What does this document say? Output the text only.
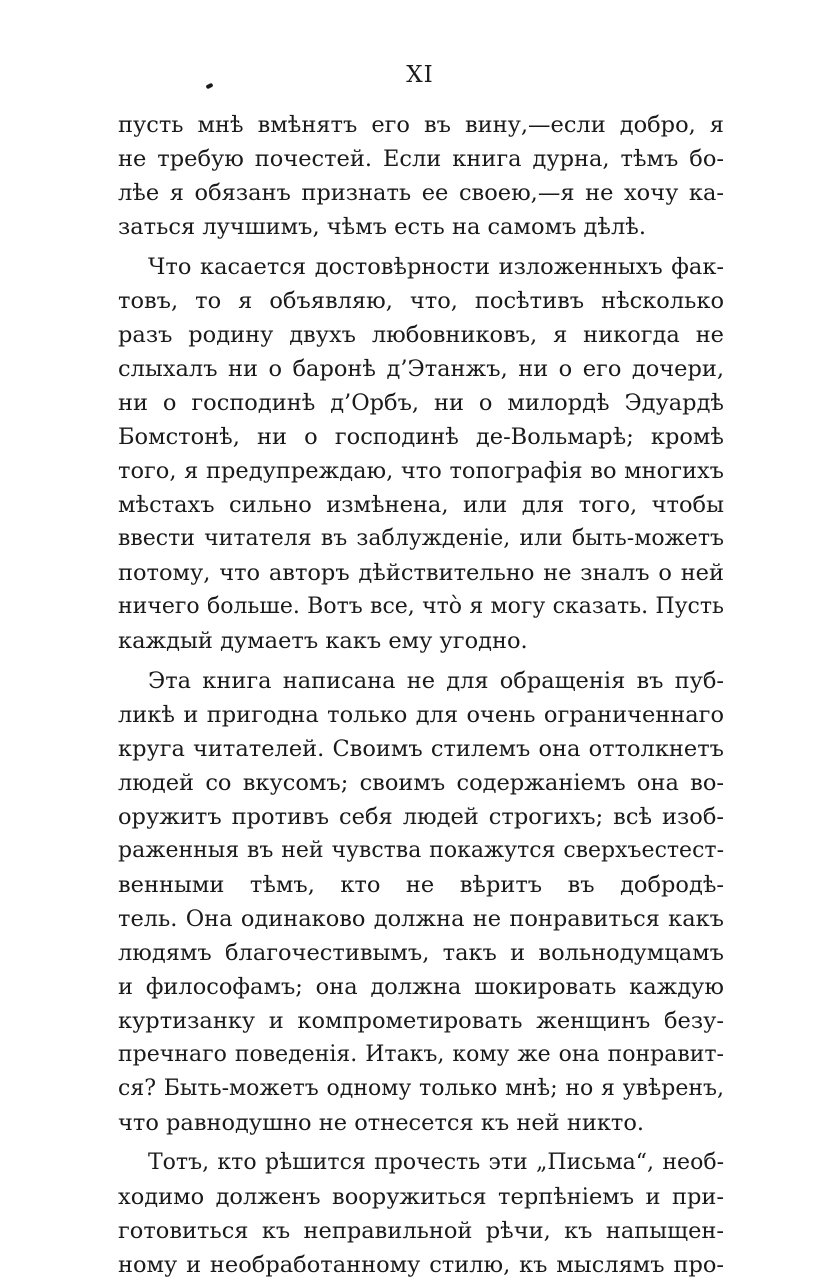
XI
пусть мнѣ вмѣнятъ его въ вину,—если добро, я
не требую почестей. Если книга дурна, тѣмъ бо-
лѣе я обязанъ признать ее своею,—я не хочу ка-
заться лучшимъ, чѣмъ есть на самомъ дѣлѣ.
Что касается достовѣрности изложенныхъ фак-
товъ, то я объявляю, что, посѣтивъ нѣсколько
разъ родину двухъ любовниковъ, я никогда не
слыхалъ ни о баронѣ д’Этанжъ, ни о его дочери,
ни о господинѣ д’Орбъ, ни о милордѣ Эдуардѣ
Бомстонѣ, ни о господинѣ де-Вольмарѣ; кромѣ
того, я предупреждаю, что топографія во многихъ
мѣстахъ сильно измѣнена, или для того, чтобы
ввести читателя въ заблужденіе, или быть-можетъ
потому, что авторъ дѣйствительно не зналъ о ней
ничего больше. Вотъ все, что̀ я могу сказать. Пусть
каждый думаетъ какъ ему угодно.
Эта книга написана не для обращенія въ пуб-
ликѣ и пригодна только для очень ограниченнаго
круга читателей. Своимъ стилемъ она оттолкнетъ
людей со вкусомъ; своимъ содержаніемъ она во-
оружитъ противъ себя людей строгихъ; всѣ изоб-
раженныя въ ней чувства покажутся сверхъестест-
венными тѣмъ, кто не вѣритъ въ добродѣ-
тель. Она одинаково должна не понравиться какъ
людямъ благочестивымъ, такъ и вольнодумцамъ
и философамъ; она должна шокировать каждую
куртизанку и компрометировать женщинъ безу-
пречнаго поведенія. Итакъ, кому же она понравит-
ся? Быть-можетъ одному только мнѣ; но я увѣренъ,
что равнодушно не отнесется къ ней никто.
Тотъ, кто рѣшится прочесть эти „Письма“, необ-
ходимо долженъ вооружиться терпѣніемъ и при-
готовиться къ неправильной рѣчи, къ напыщен-
ному и необработанному стилю, къ мыслямъ про-
